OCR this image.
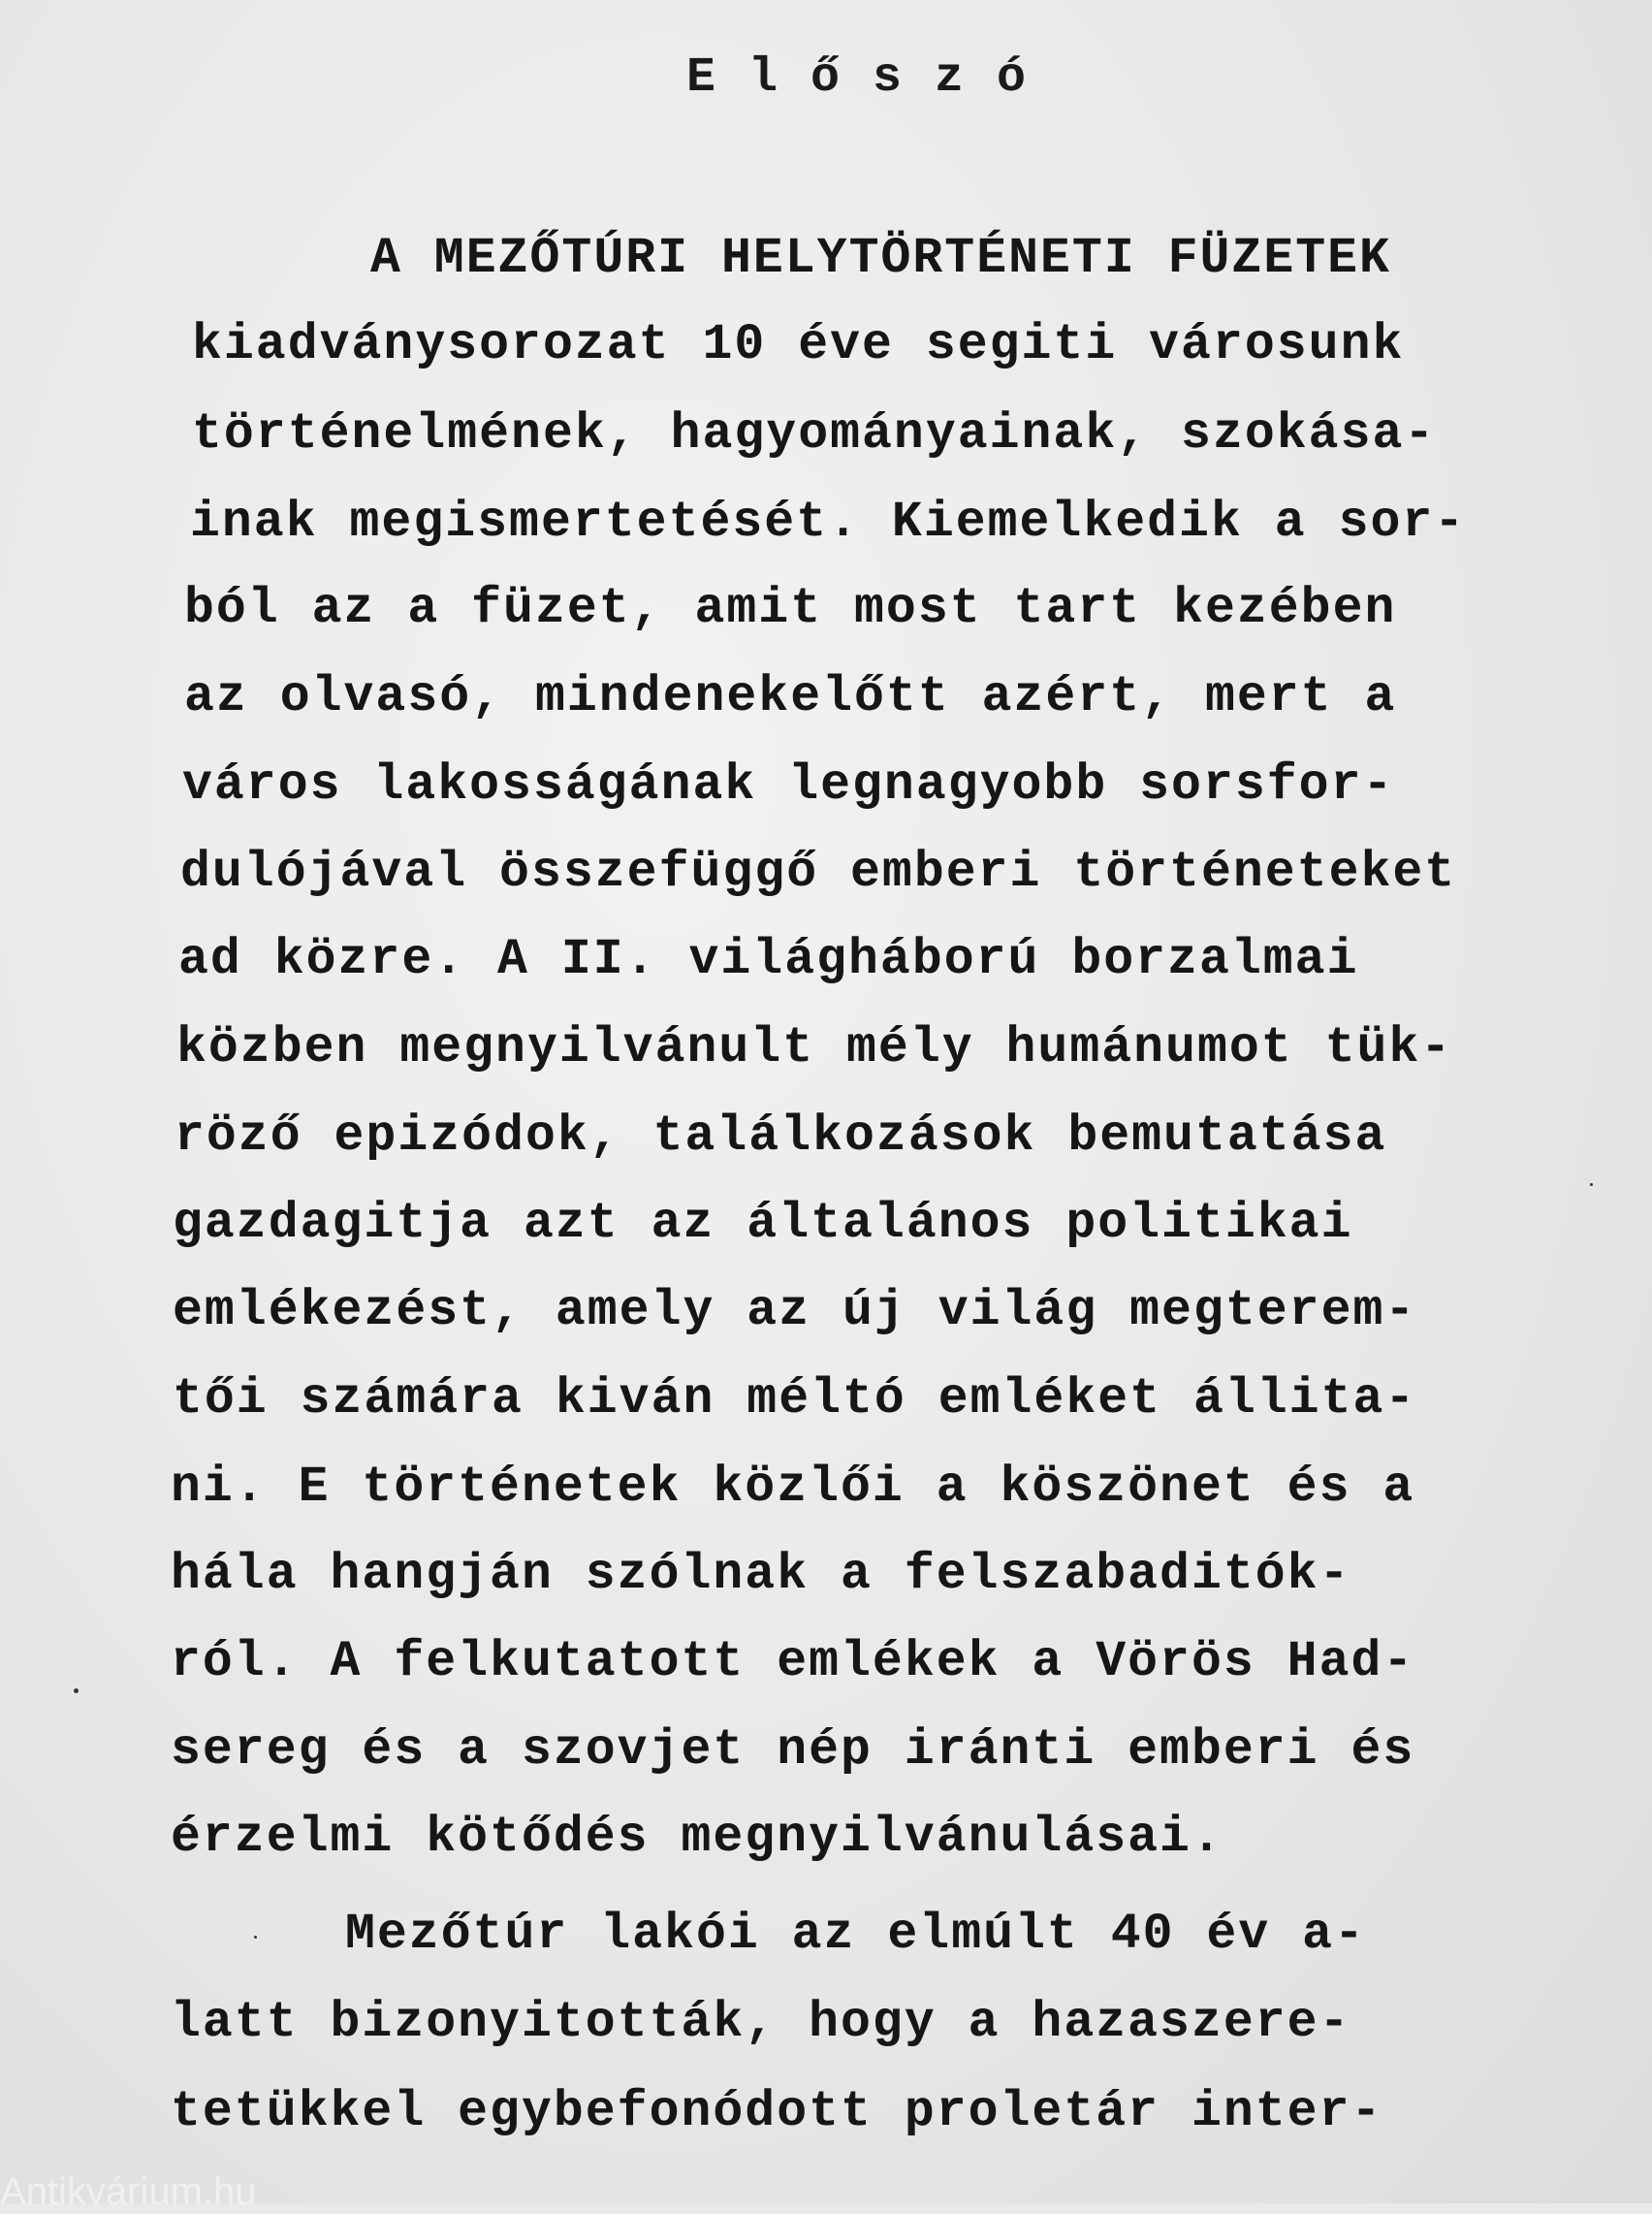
Előszó
A MEZŐTÚRI HELYTÖRTÉNETI FÜZETEK
kiadványsorozat 10 éve segiti városunk
történelmének, hagyományainak, szokása-
inak megismertetését. Kiemelkedik a sor-
ból az a füzet, amit most tart kezében
az olvasó, mindenekelőtt azért, mert a
város lakosságának legnagyobb sorsfor-
dulójával összefüggő emberi történeteket
ad közre. A II. világháború borzalmai
közben megnyilvánult mély humánumot tük-
röző epizódok, találkozások bemutatása
gazdagitja azt az általános politikai
emlékezést, amely az új világ megterem-
tői számára kiván méltó emléket állita-
ni. E történetek közlői a köszönet és a
hála hangján szólnak a felszabaditók-
ról. A felkutatott emlékek a Vörös Had-
sereg és a szovjet nép iránti emberi és
érzelmi kötődés megnyilvánulásai.
Mezőtúr lakói az elmúlt 40 év a-
latt bizonyitották, hogy a hazaszere-
tetükkel egybefonódott proletár inter-
Antikvárium.hu
